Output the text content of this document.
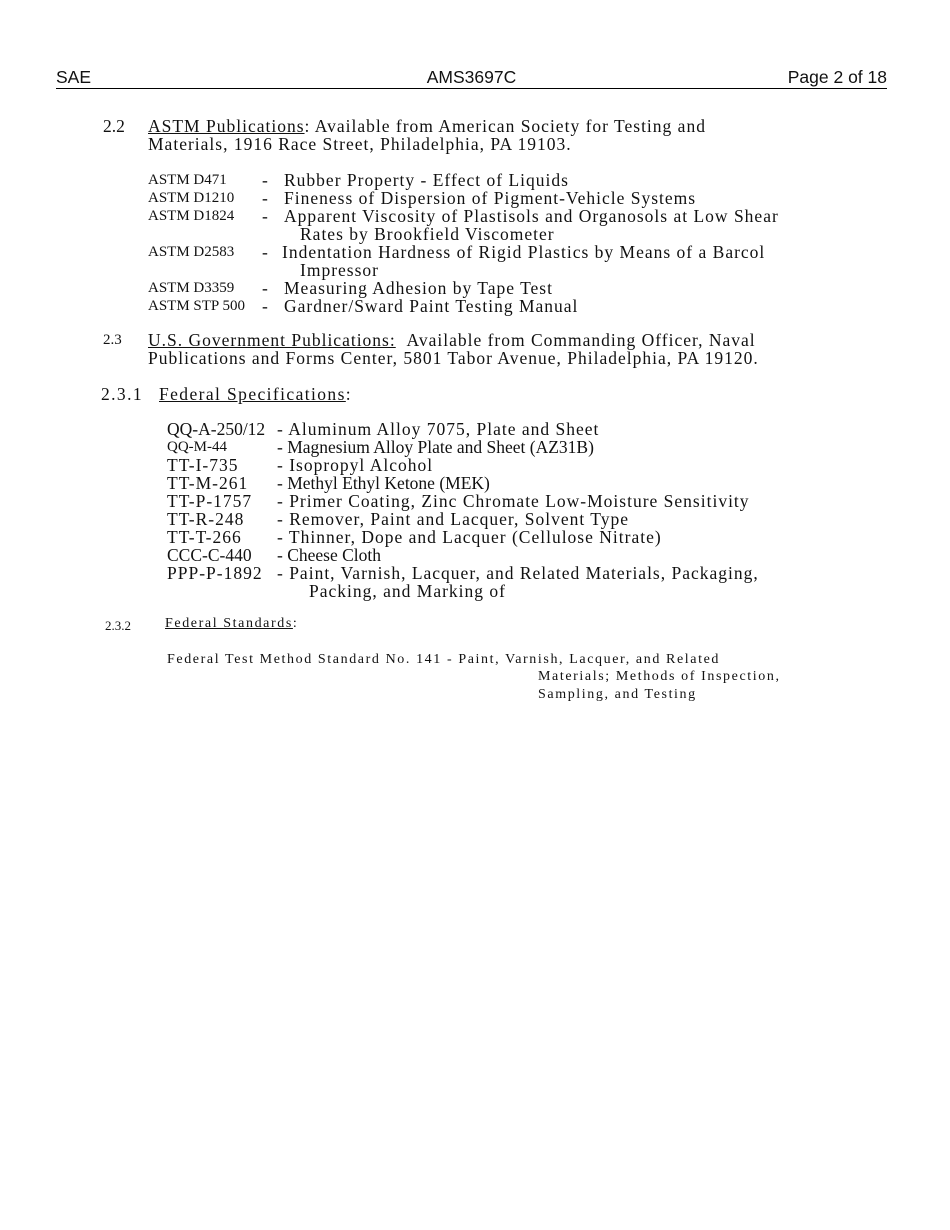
SAE	AMS3697C	Page 2 of 18
2.2 ASTM Publications: Available from American Society for Testing and
Materials, 1916 Race Street, Philadelphia, PA 19103.
ASTM D471 - Rubber Property - Effect of Liquids
ASTM D1210 - Fineness of Dispersion of Pigment-Vehicle Systems
ASTM D1824 - Apparent Viscosity of Plastisols and Organosols at Low Shear
Rates by Brookfield Viscometer
ASTM D2583 - Indentation Hardness of Rigid Plastics by Means of a Barcol
Impressor
ASTM D3359 - Measuring Adhesion by Tape Test
ASTM STP 500 - Gardner/Sward Paint Testing Manual
2.3 U.S. Government Publications: Available from Commanding Officer, Naval
Publications and Forms Center, 5801 Tabor Avenue, Philadelphia, PA 19120.
2.3.1 Federal Specifications:
QQ-A-250/12 - Aluminum Alloy 7075, Plate and Sheet
QQ-M-44	- Magnesium Alloy Plate and Sheet (AZ31B)
TT-I-735 - Isopropyl Alcohol
TT-M-261 - Methyl Ethyl Ketone (MEK)
TT-P-1757 - Primer Coating, Zinc Chromate Low-Moisture Sensitivity
TT-R-248 - Remover, Paint and Lacquer, Solvent Type
TT-T-266 - Thinner, Dope and Lacquer (Cellulose Nitrate)
CCC-C-440 - Cheese Cloth
PPP-P-1892 - Paint, Varnish, Lacquer, and Related Materials, Packaging,
Packing, and Marking of
2.3.2 Federal Standards:
Federal Test Method Standard No. 141 - Paint, Varnish, Lacquer, and Related
Materials; Methods of Inspection,
Sampling, and Testing
